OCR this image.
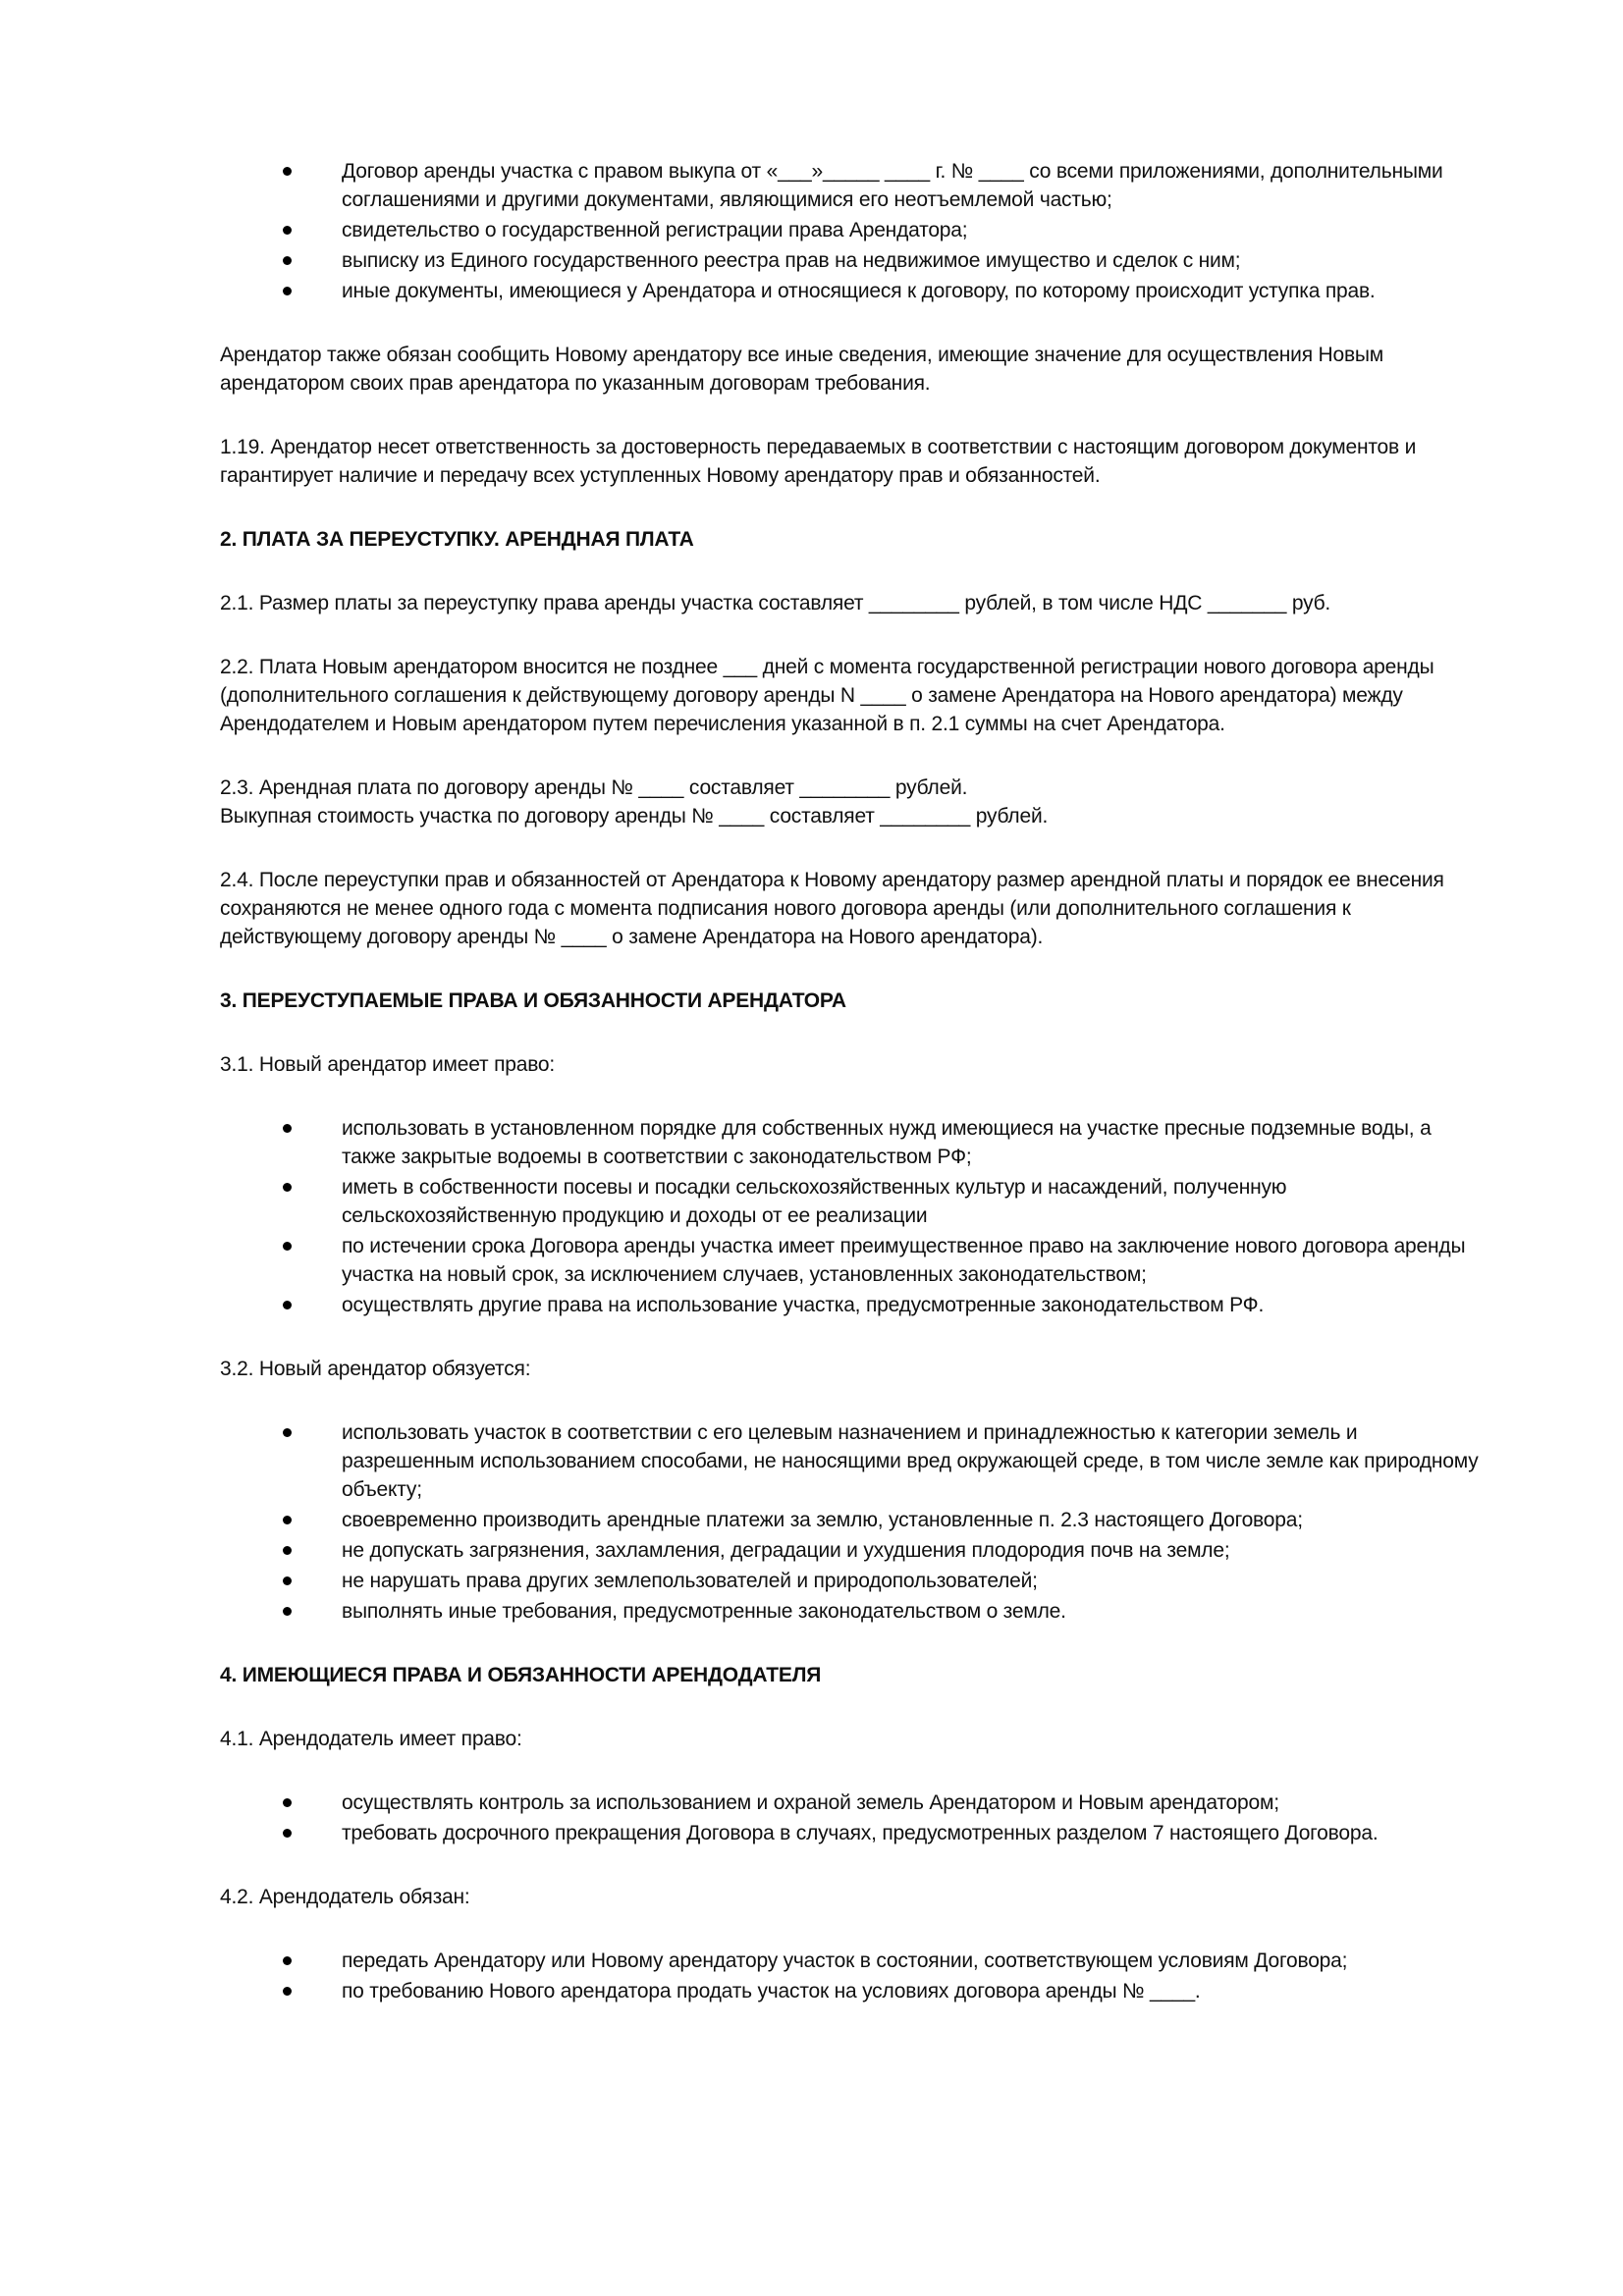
Договор аренды участка с правом выкупа от «___»_____ ____ г. № ____ со всеми приложениями, дополнительными соглашениями и другими документами, являющимися его неотъемлемой частью;
свидетельство о государственной регистрации права Арендатора;
выписку из Единого государственного реестра прав на недвижимое имущество и сделок с ним;
иные документы, имеющиеся у Арендатора и относящиеся к договору, по которому происходит уступка прав.

Арендатор также обязан сообщить Новому арендатору все иные сведения, имеющие значение для осуществления Новым арендатором своих прав арендатора по указанным договорам требования.

1.19. Арендатор несет ответственность за достоверность передаваемых в соответствии с настоящим договором документов и гарантирует наличие и передачу всех уступленных Новому арендатору прав и обязанностей.

2. ПЛАТА ЗА ПЕРЕУСТУПКУ. АРЕНДНАЯ ПЛАТА

2.1. Размер платы за переуступку права аренды участка составляет ________ рублей, в том числе НДС _______ руб.

2.2. Плата Новым арендатором вносится не позднее ___ дней с момента государственной регистрации нового договора аренды (дополнительного соглашения к действующему договору аренды N ____ о замене Арендатора на Нового арендатора) между Арендодателем и Новым арендатором путем перечисления указанной в п. 2.1 суммы на счет Арендатора.

2.3. Арендная плата по договору аренды № ____ составляет ________ рублей.
Выкупная стоимость участка по договору аренды № ____ составляет ________ рублей.

2.4. После переуступки прав и обязанностей от Арендатора к Новому арендатору размер арендной платы и порядок ее внесения сохраняются не менее одного года с момента подписания нового договора аренды (или дополнительного соглашения к действующему договору аренды № ____ о замене Арендатора на Нового арендатора).

3. ПЕРЕУСТУПАЕМЫЕ ПРАВА И ОБЯЗАННОСТИ АРЕНДАТОРА

3.1. Новый арендатор имеет право:

использовать в установленном порядке для собственных нужд имеющиеся на участке пресные подземные воды, а также закрытые водоемы в соответствии с законодательством РФ;
иметь в собственности посевы и посадки сельскохозяйственных культур и насаждений, полученную сельскохозяйственную продукцию и доходы от ее реализации
по истечении срока Договора аренды участка имеет преимущественное право на заключение нового договора аренды участка на новый срок, за исключением случаев, установленных законодательством;
осуществлять другие права на использование участка, предусмотренные законодательством РФ.

3.2. Новый арендатор обязуется:

использовать участок в соответствии с его целевым назначением и принадлежностью к категории земель и разрешенным использованием способами, не наносящими вред окружающей среде, в том числе земле как природному объекту;
своевременно производить арендные платежи за землю, установленные п. 2.3 настоящего Договора;
не допускать загрязнения, захламления, деградации и ухудшения плодородия почв на земле;
не нарушать права других землепользователей и природопользователей;
выполнять иные требования, предусмотренные законодательством о земле.

4. ИМЕЮЩИЕСЯ ПРАВА И ОБЯЗАННОСТИ АРЕНДОДАТЕЛЯ

4.1. Арендодатель имеет право:

осуществлять контроль за использованием и охраной земель Арендатором и Новым арендатором;
требовать досрочного прекращения Договора в случаях, предусмотренных разделом 7 настоящего Договора.

4.2. Арендодатель обязан:

передать Арендатору или Новому арендатору участок в состоянии, соответствующем условиям Договора;
по требованию Нового арендатора продать участок на условиях договора аренды № ____.
